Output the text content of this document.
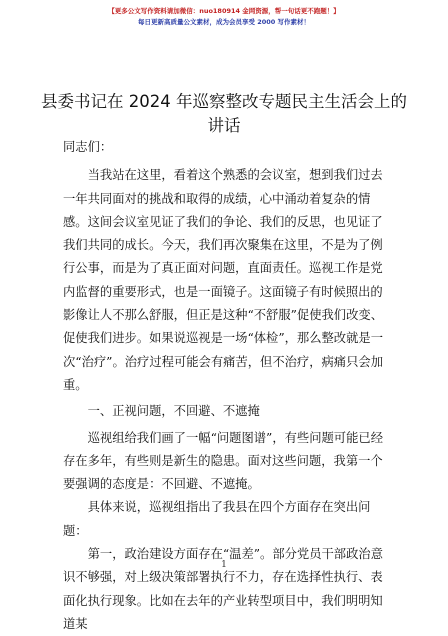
【更多公文写作资料请加微信：nuo180914 金网资源，帮一句话更不跑题！】
每日更新高质量公文素材，成为会员享受 2000 写作素材！
县委书记在 2024 年巡察整改专题民主生活会上的讲话

同志们：

当我站在这里，看着这个熟悉的会议室，想到我们过去一年共同面对的挑战和取得的成绩，心中涌动着复杂的情感。这间会议室见证了我们的争论、我们的反思，也见证了我们共同的成长。今天，我们再次聚集在这里，不是为了例行公事，而是为了真正面对问题，直面责任。巡视工作是党内监督的重要形式，也是一面镜子。这面镜子有时候照出的影像让人不那么舒服，但正是这种“不舒服”促使我们改变、促使我们进步。如果说巡视是一场“体检”，那么整改就是一次“治疗”。治疗过程可能会有痛苦，但不治疗，病痛只会加重。

一、正视问题，不回避、不遮掩

巡视组给我们画了一幅“问题图谱”，有些问题可能已经存在多年，有些则是新生的隐患。面对这些问题，我第一个要强调的态度是：不回避、不遮掩。

具体来说，巡视组指出了我县在四个方面存在突出问题：

第一，政治建设方面存在“温差”。部分党员干部政治意识不够强，对上级决策部署执行不力，存在选择性执行、表面化执行现象。比如在去年的产业转型项目中，我们明明知道某

1
